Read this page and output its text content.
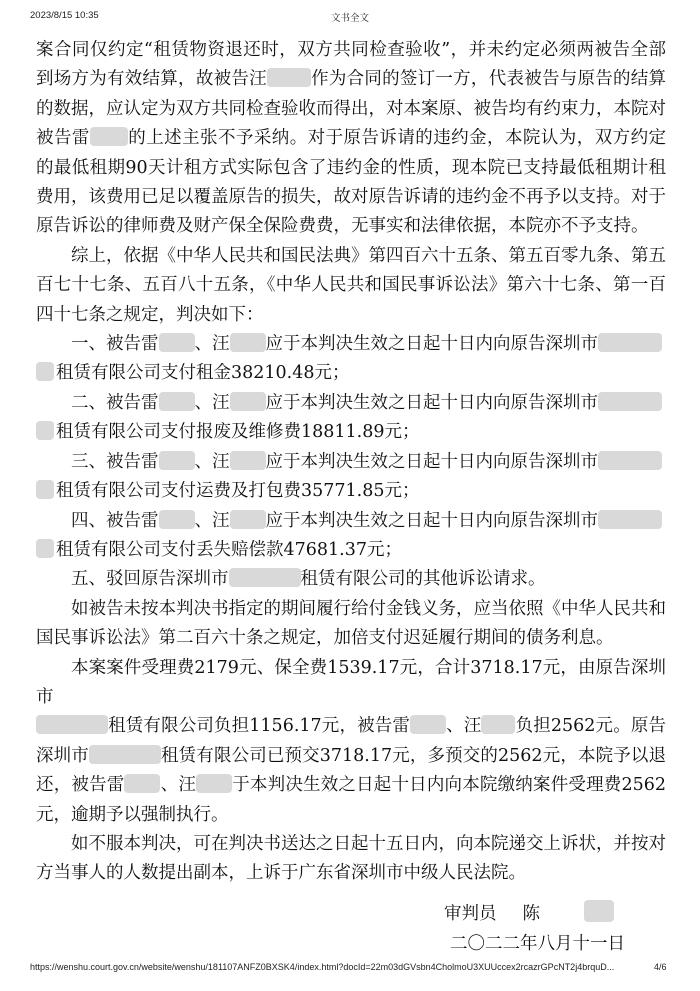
2023/8/15 10:35	文书全文

案合同仅约定“租赁物资退还时，双方共同检查验收”，并未约定必须两被告全部到场方为有效结算，故被告汪	作为合同的签订一方，代表被告与原告的结算的数据，应认定为双方共同检查验收而得出，对本案原、被告均有约束力，本院对被告雷 的上述主张不予采纳。对于原告诉请的违约金，本院认为，双方约定的最低租期90天计租方式实际包含了违约金的性质，现本院已支持最低租期计租费用，该费用已足以覆盖原告的损失，故对原告诉请的违约金不再予以支持。对于原告诉讼的律师费及财产保全保险费费，无事实和法律依据，本院亦不予支持。

综上，依据《中华人民共和国民法典》第四百六十五条、第五百零九条、第五百七十七条、五百八十五条，《中华人民共和国民事诉讼法》第六十七条、第一百四十七条之规定，判决如下：

一、被告雷 、汪 应于本判决生效之日起十日内向原告深圳市
租赁有限公司支付租金38210.48元；

二、被告雷 、汪 应于本判决生效之日起十日内向原告深圳市
租赁有限公司支付报废及维修费18811.89元；

三、被告雷 、汪 应于本判决生效之日起十日内向原告深圳市
租赁有限公司支付运费及打包费35771.85元；

四、被告雷 、汪 应于本判决生效之日起十日内向原告深圳市
租赁有限公司支付丢失赔偿款47681.37元；

五、驳回原告深圳市	租赁有限公司的其他诉讼请求。

如被告未按本判决书指定的期间履行给付金钱义务，应当依照《中华人民共和国民事诉讼法》第二百六十条之规定，加倍支付迟延履行期间的债务利息。

本案案件受理费2179元、保全费1539.17元，合计3718.17元，由原告深圳市
租赁有限公司负担1156.17元，被告雷 、汪 负担2562元。原告深圳市	租赁有限公司已预交3718.17元，多预交的2562元，本院予以退还，被告雷 、汪 于本判决生效之日起十日内向本院缴纳案件受理费2562元，逾期予以强制执行。

如不服本判决，可在判决书送达之日起十五日内，向本院递交上诉状，并按对方当事人的人数提出副本，上诉于广东省深圳市中级人民法院。

审判员 陈
二〇二二年八月十一日
https://wenshu.court.gov.cn/website/wenshu/181107ANFZ0BXSK4/index.html?docId=22m03dGVsbn4CholmoU3XUUccex2rcazrGPcNT2j4brquD...	4/6
